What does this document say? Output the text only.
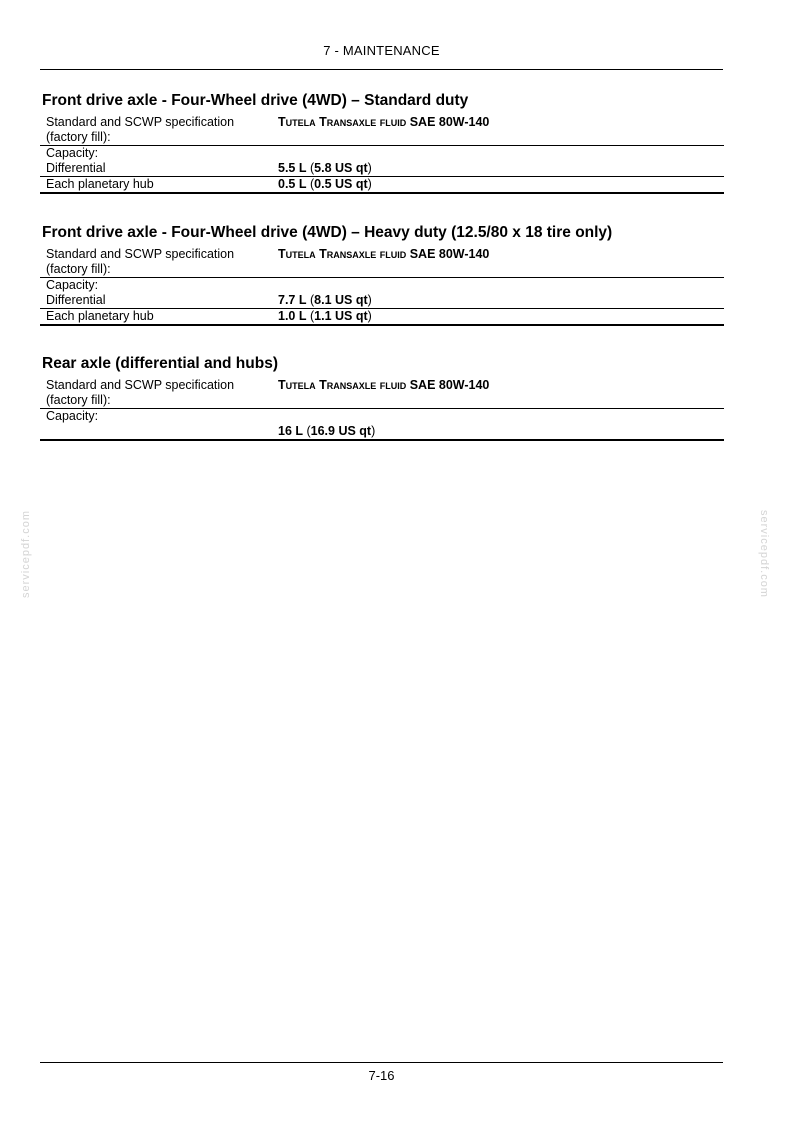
7 - MAINTENANCE
Front drive axle - Four-Wheel drive (4WD) – Standard duty
Standard and SCWP specification	Tutela Transaxle fluid SAE 80W-140
(factory fill):	
Capacity:	
Differential	5.5 L (5.8 US qt)
Each planetary hub	0.5 L (0.5 US qt)
Front drive axle - Four-Wheel drive (4WD) – Heavy duty (12.5/80 x 18 tire only)
Standard and SCWP specification	Tutela Transaxle fluid SAE 80W-140
(factory fill):	
Capacity:	
Differential	7.7 L (8.1 US qt)
Each planetary hub	1.0 L (1.1 US qt)
Rear axle (differential and hubs)
Standard and SCWP specification	Tutela Transaxle fluid SAE 80W-140
(factory fill):	
Capacity:	
	16 L (16.9 US qt)
servicepdf.com	servicepdf.com
7-16
